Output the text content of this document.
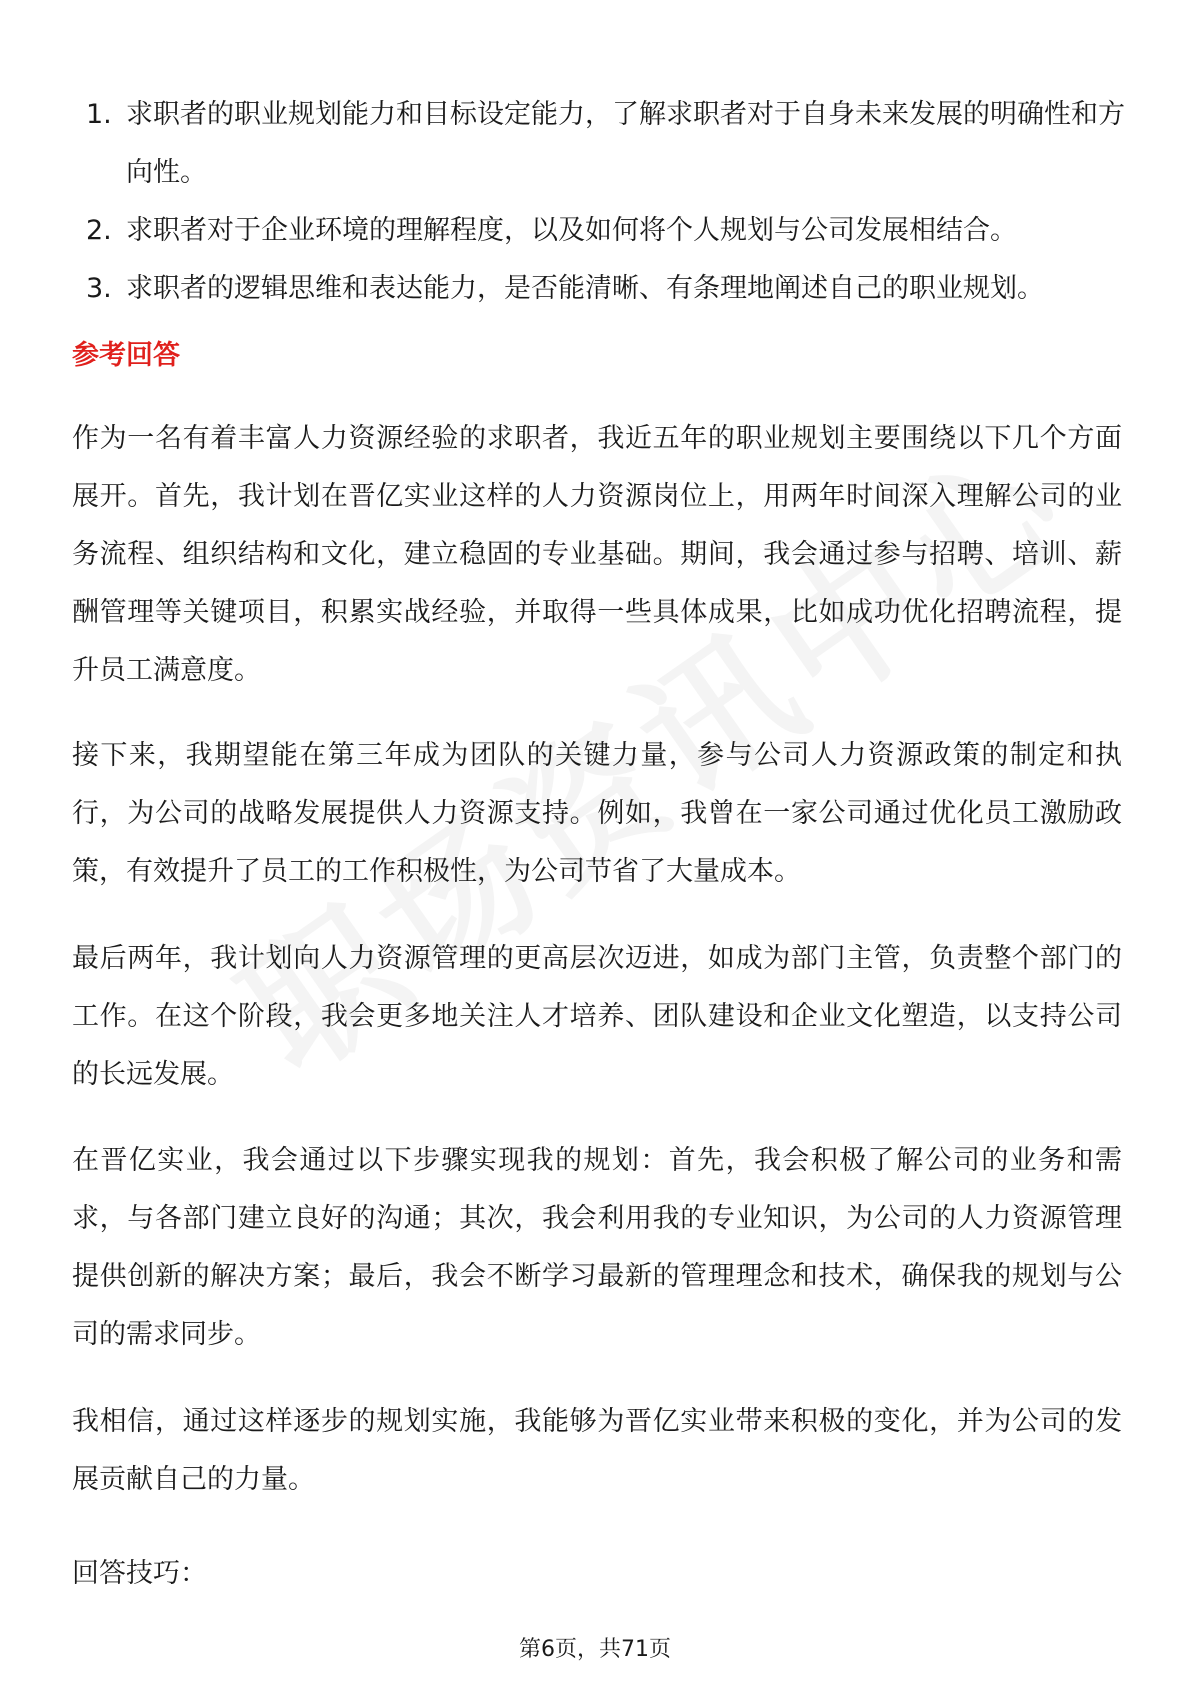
1. 求职者的职业规划能力和目标设定能力，了解求职者对于自身未来发展的明确性和方向性。
2. 求职者对于企业环境的理解程度，以及如何将个人规划与公司发展相结合。
3. 求职者的逻辑思维和表达能力，是否能清晰、有条理地阐述自己的职业规划。
参考回答

作为一名有着丰富人力资源经验的求职者，我近五年的职业规划主要围绕以下几个方面展开。首先，我计划在晋亿实业这样的人力资源岗位上，用两年时间深入理解公司的业务流程、组织结构和文化，建立稳固的专业基础。期间，我会通过参与招聘、培训、薪酬管理等关键项目，积累实战经验，并取得一些具体成果，比如成功优化招聘流程，提升员工满意度。

接下来，我期望能在第三年成为团队的关键力量，参与公司人力资源政策的制定和执行，为公司的战略发展提供人力资源支持。例如，我曾在一家公司通过优化员工激励政策，有效提升了员工的工作积极性，为公司节省了大量成本。

最后两年，我计划向人力资源管理的更高层次迈进，如成为部门主管，负责整个部门的工作。在这个阶段，我会更多地关注人才培养、团队建设和企业文化塑造，以支持公司的长远发展。

在晋亿实业，我会通过以下步骤实现我的规划：首先，我会积极了解公司的业务和需求，与各部门建立良好的沟通；其次，我会利用我的专业知识，为公司的人力资源管理提供创新的解决方案；最后，我会不断学习最新的管理理念和技术，确保我的规划与公司的需求同步。

我相信，通过这样逐步的规划实施，我能够为晋亿实业带来积极的变化，并为公司的发展贡献自己的力量。

回答技巧：

第6页，共71页
